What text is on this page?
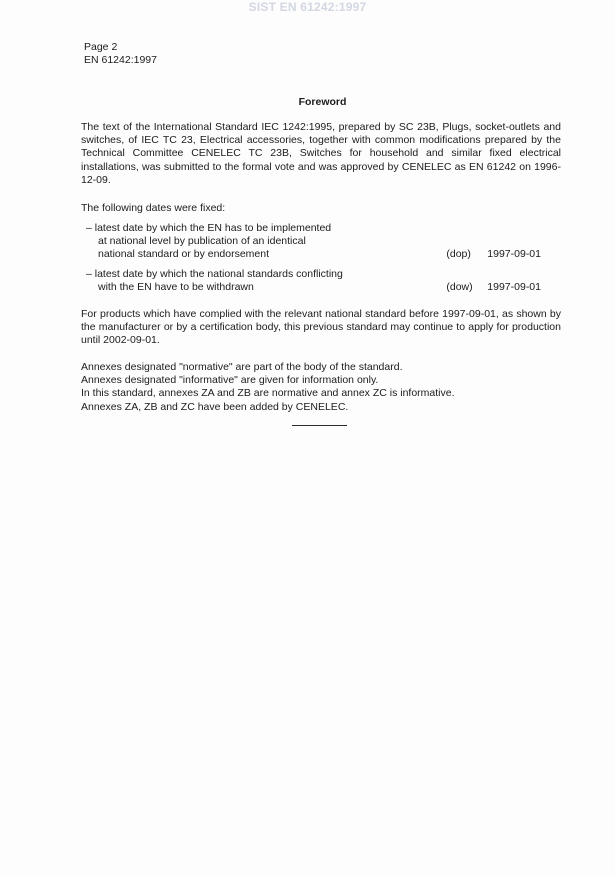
SIST EN 61242:1997
Page 2
EN 61242:1997
Foreword
The text of the International Standard IEC 1242:1995, prepared by SC 23B, Plugs, socket-outlets and switches, of IEC TC 23, Electrical accessories, together with common modifications prepared by the Technical Committee CENELEC TC 23B, Switches for household and similar fixed electrical installations, was submitted to the formal vote and was approved by CENELEC as EN 61242 on 1996-12-09.
The following dates were fixed:
– latest date by which the EN has to be implemented
at national level by publication of an identical
national standard or by endorsement	(dop) 1997-09-01
– latest date by which the national standards conflicting
with the EN have to be withdrawn	(dow) 1997-09-01
For products which have complied with the relevant national standard before 1997-09-01, as shown by the manufacturer or by a certification body, this previous standard may continue to apply for production until 2002-09-01.
Annexes designated "normative" are part of the body of the standard.
Annexes designated "informative" are given for information only.
In this standard, annexes ZA and ZB are normative and annex ZC is informative.
Annexes ZA, ZB and ZC have been added by CENELEC.
